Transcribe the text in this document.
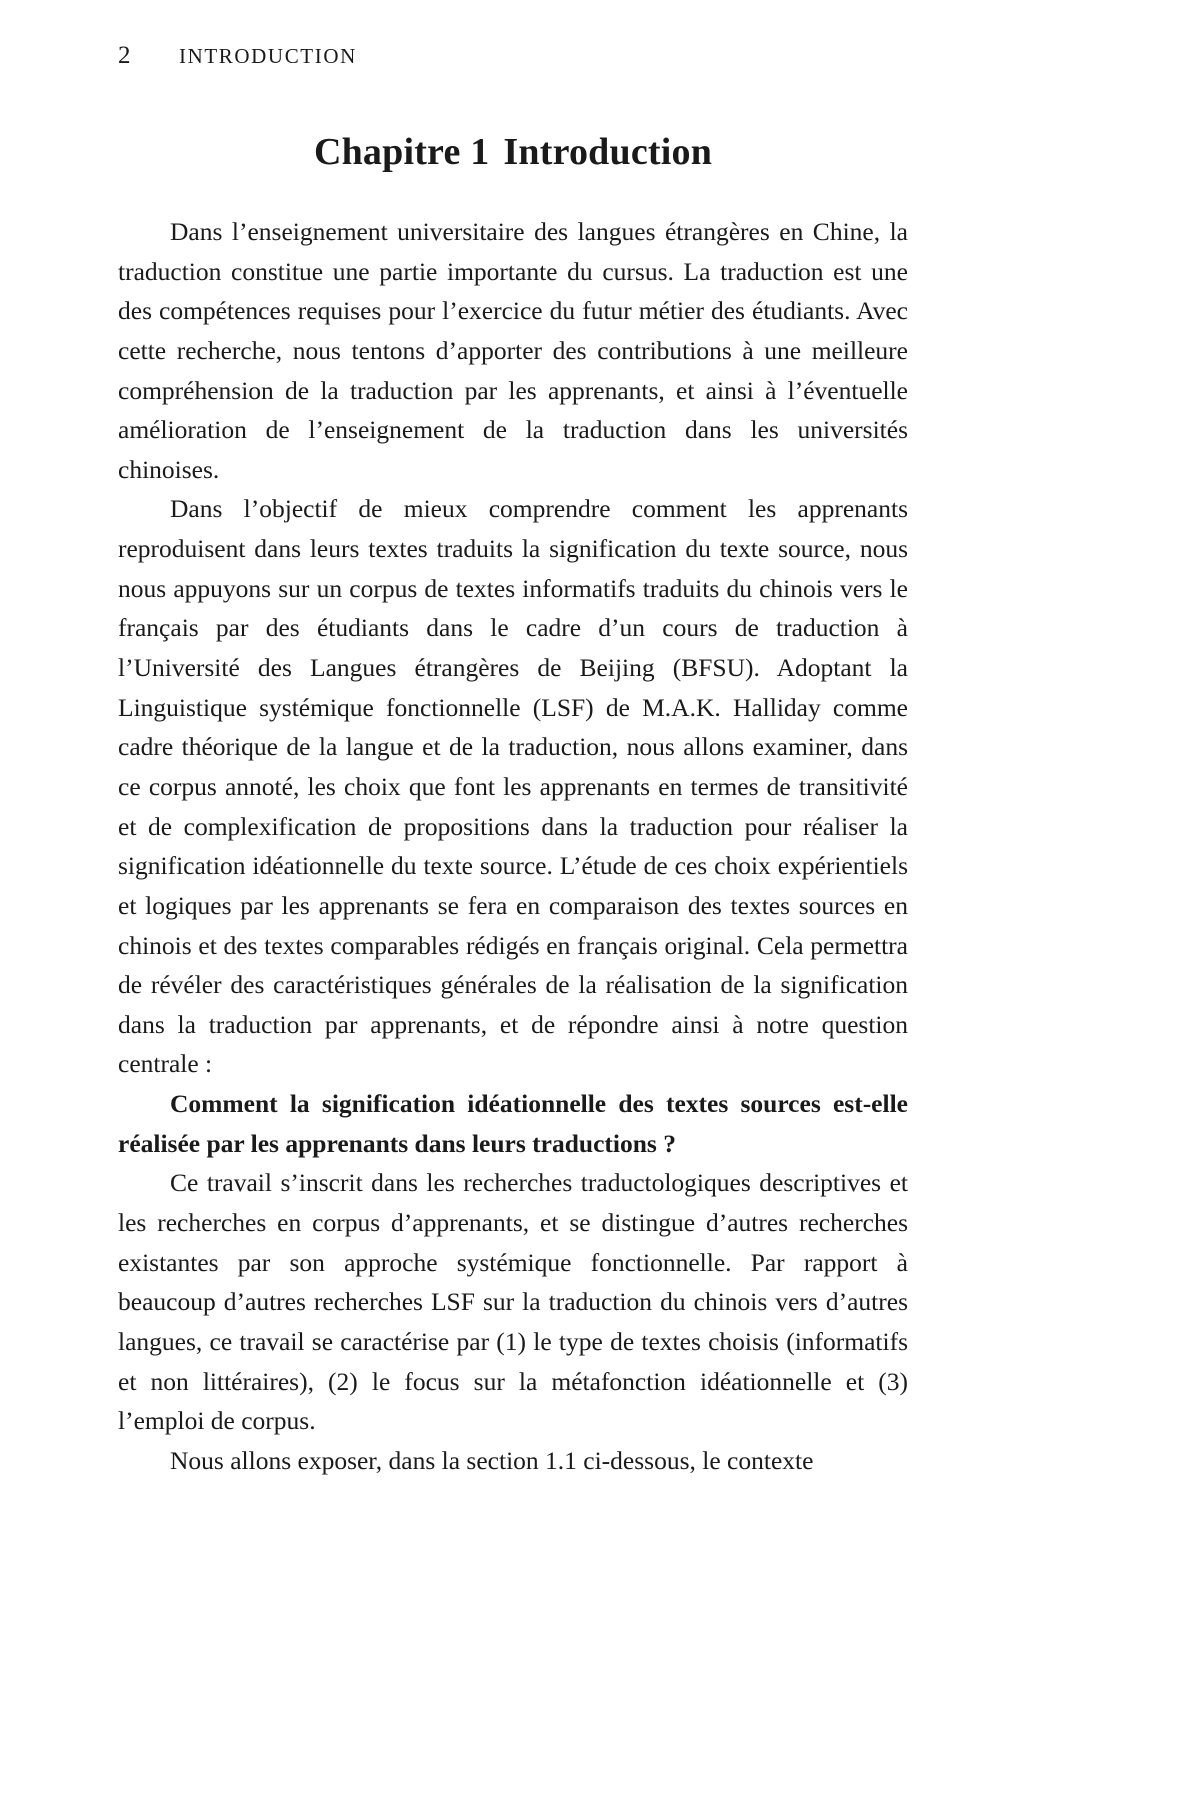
2 INTRODUCTION
Chapitre 1 Introduction

Dans l’enseignement universitaire des langues étrangères en Chine, la traduction constitue une partie importante du cursus. La traduction est une des compétences requises pour l’exercice du futur métier des étudiants. Avec cette recherche, nous tentons d’apporter des contributions à une meilleure compréhension de la traduction par les apprenants, et ainsi à l’éventuelle amélioration de l’enseignement de la traduction dans les universités chinoises.

Dans l’objectif de mieux comprendre comment les apprenants reproduisent dans leurs textes traduits la signification du texte source, nous nous appuyons sur un corpus de textes informatifs traduits du chinois vers le français par des étudiants dans le cadre d’un cours de traduction à l’Université des Langues étrangères de Beijing (BFSU). Adoptant la Linguistique systémique fonctionnelle (LSF) de M.A.K. Halliday comme cadre théorique de la langue et de la traduction, nous allons examiner, dans ce corpus annoté, les choix que font les apprenants en termes de transitivité et de complexification de propositions dans la traduction pour réaliser la signification idéationnelle du texte source. L’étude de ces choix expérientiels et logiques par les apprenants se fera en comparaison des textes sources en chinois et des textes comparables rédigés en français original. Cela permettra de révéler des caractéristiques générales de la réalisation de la signification dans la traduction par apprenants, et de répondre ainsi à notre question centrale :

Comment la signification idéationnelle des textes sources est-elle réalisée par les apprenants dans leurs traductions ?

Ce travail s’inscrit dans les recherches traductologiques descriptives et les recherches en corpus d’apprenants, et se distingue d’autres recherches existantes par son approche systémique fonctionnelle. Par rapport à beaucoup d’autres recherches LSF sur la traduction du chinois vers d’autres langues, ce travail se caractérise par (1) le type de textes choisis (informatifs et non littéraires), (2) le focus sur la métafonction idéationnelle et (3) l’emploi de corpus.

Nous allons exposer, dans la section 1.1 ci-dessous, le contexte
